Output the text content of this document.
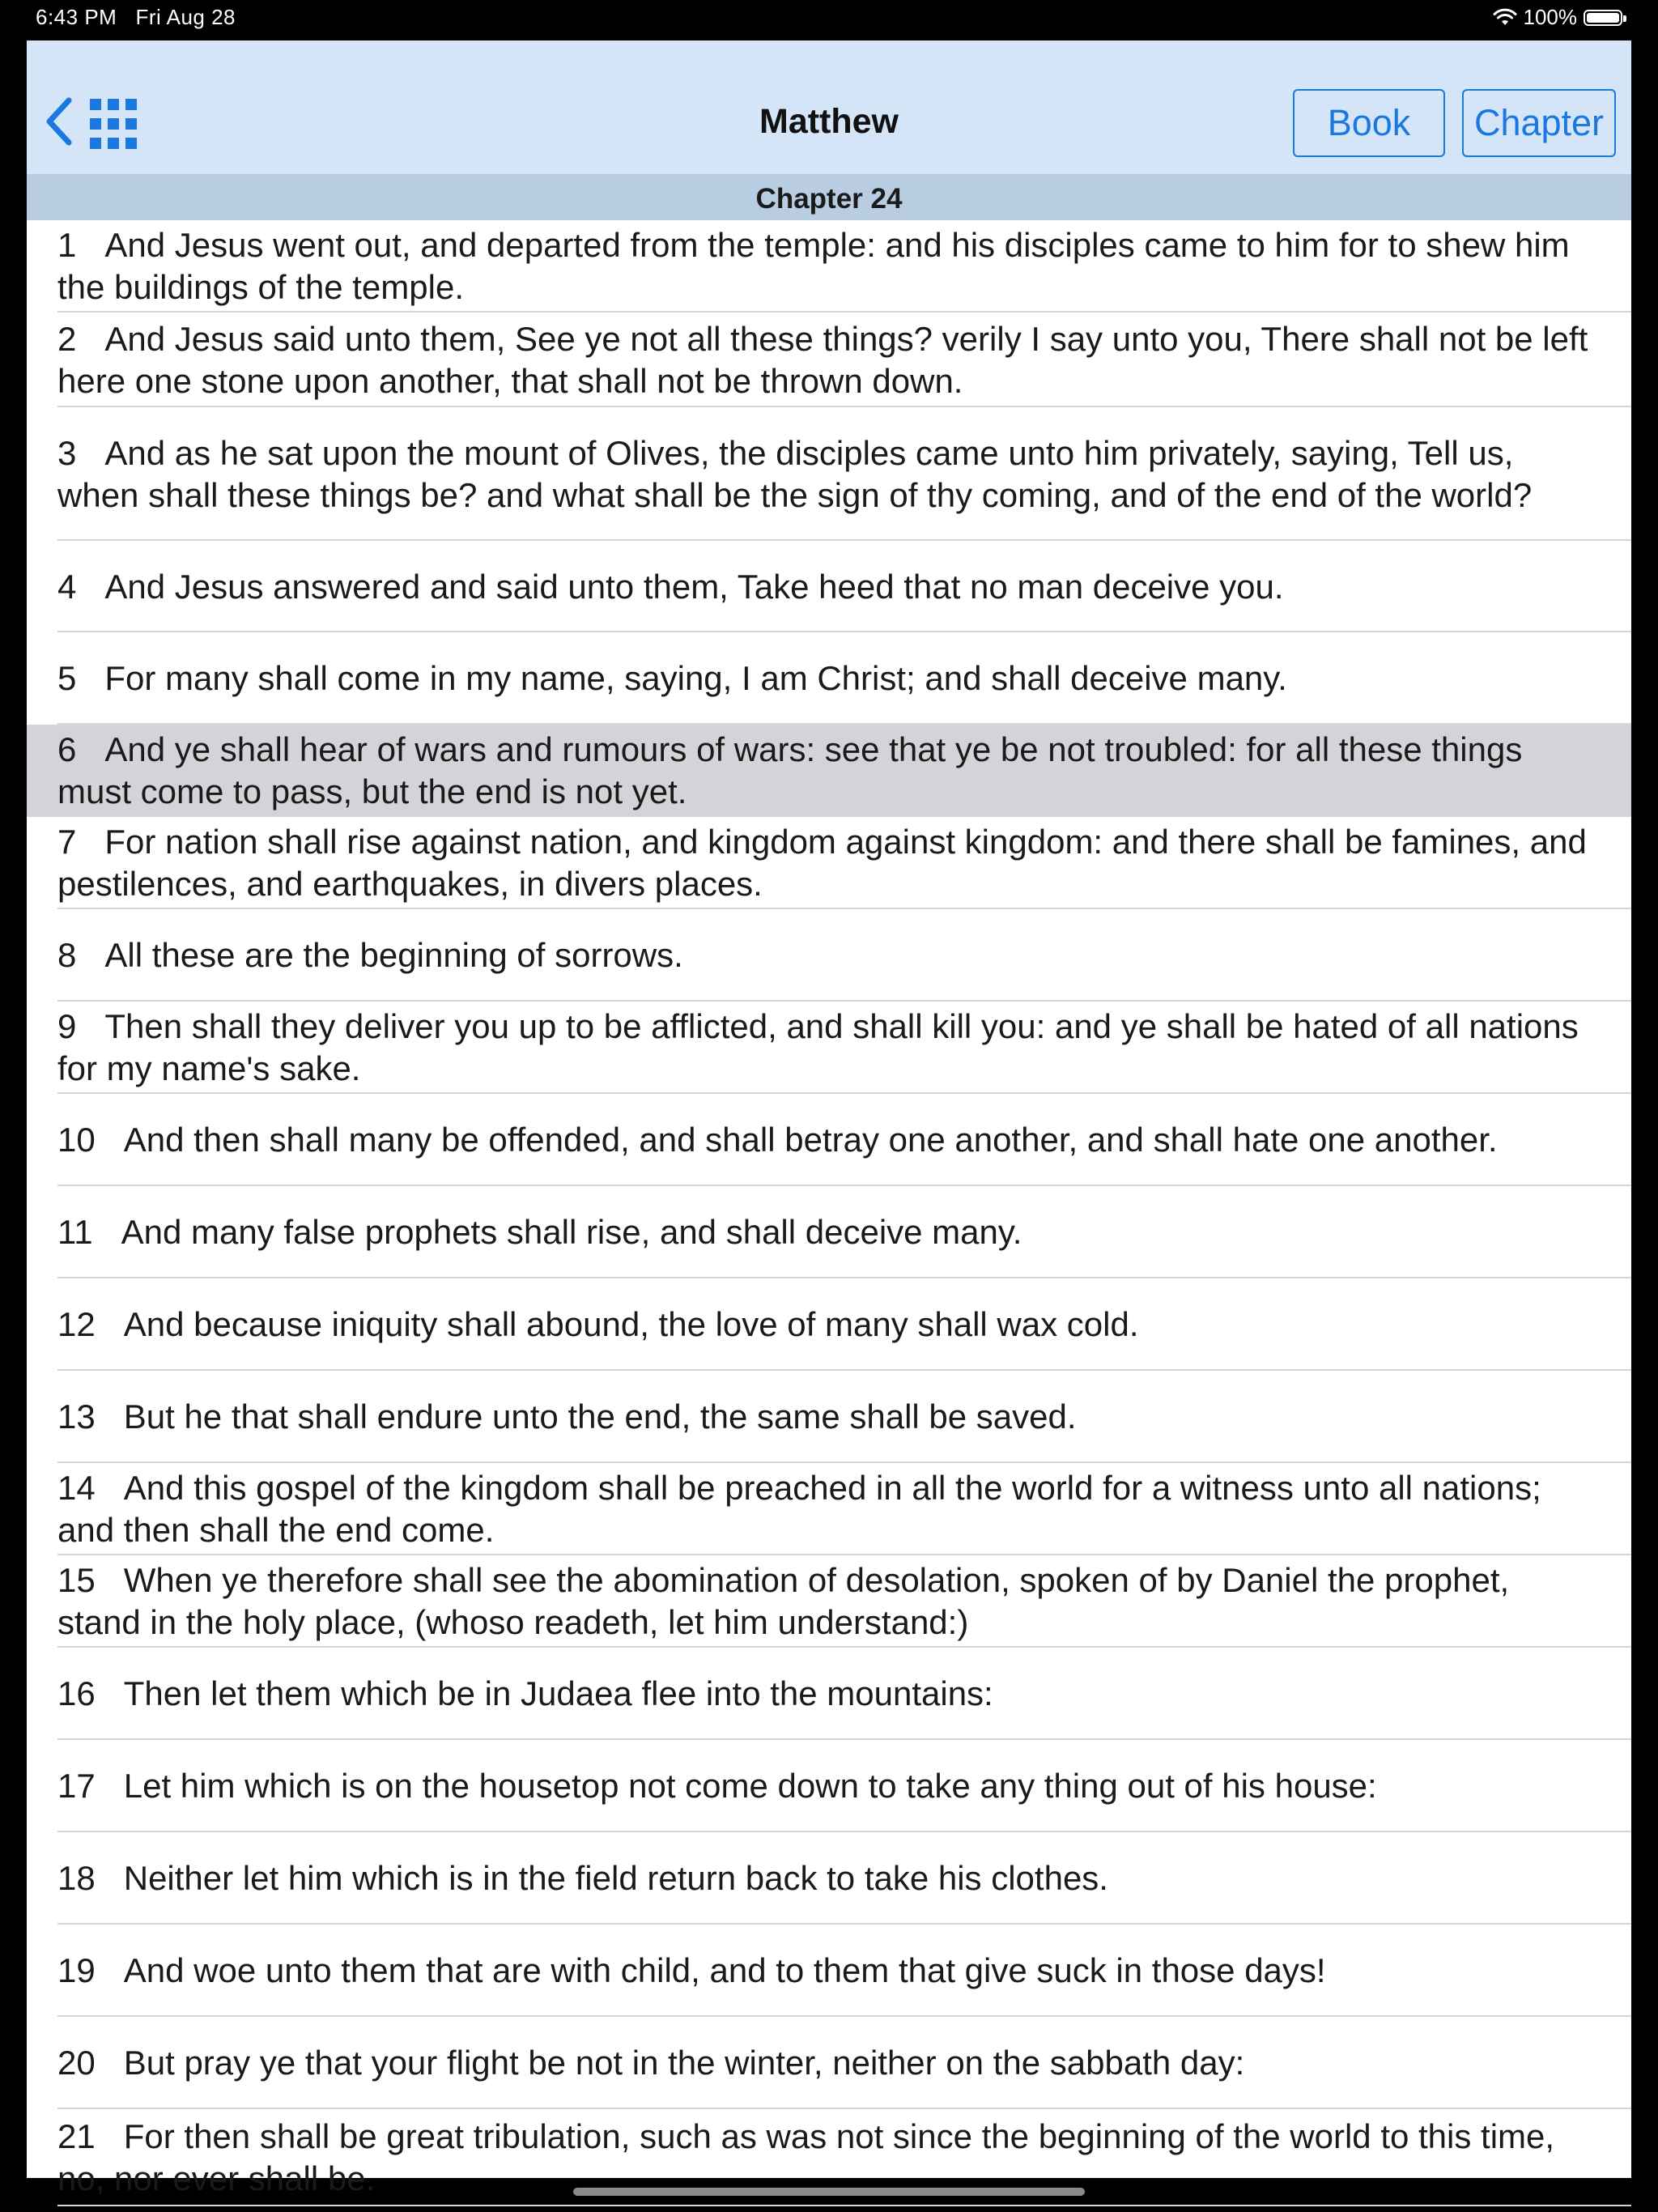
6:43 PM Fri Aug 28	100%
Matthew	Book	Chapter
Chapter 24
1 And Jesus went out, and departed from the temple: and his disciples came to him for to shew him the buildings of the temple.
2 And Jesus said unto them, See ye not all these things? verily I say unto you, There shall not be left here one stone upon another, that shall not be thrown down.
3 And as he sat upon the mount of Olives, the disciples came unto him privately, saying, Tell us, when shall these things be? and what shall be the sign of thy coming, and of the end of the world?
4 And Jesus answered and said unto them, Take heed that no man deceive you.
5 For many shall come in my name, saying, I am Christ; and shall deceive many.
6 And ye shall hear of wars and rumours of wars: see that ye be not troubled: for all these things must come to pass, but the end is not yet.
7 For nation shall rise against nation, and kingdom against kingdom: and there shall be famines, and pestilences, and earthquakes, in divers places.
8 All these are the beginning of sorrows.
9 Then shall they deliver you up to be afflicted, and shall kill you: and ye shall be hated of all nations for my name's sake.
10 And then shall many be offended, and shall betray one another, and shall hate one another.
11 And many false prophets shall rise, and shall deceive many.
12 And because iniquity shall abound, the love of many shall wax cold.
13 But he that shall endure unto the end, the same shall be saved.
14 And this gospel of the kingdom shall be preached in all the world for a witness unto all nations; and then shall the end come.
15 When ye therefore shall see the abomination of desolation, spoken of by Daniel the prophet, stand in the holy place, (whoso readeth, let him understand:)
16 Then let them which be in Judaea flee into the mountains:
17 Let him which is on the housetop not come down to take any thing out of his house:
18 Neither let him which is in the field return back to take his clothes.
19 And woe unto them that are with child, and to them that give suck in those days!
20 But pray ye that your flight be not in the winter, neither on the sabbath day:
21 For then shall be great tribulation, such as was not since the beginning of the world to this time, no, nor ever shall be.
